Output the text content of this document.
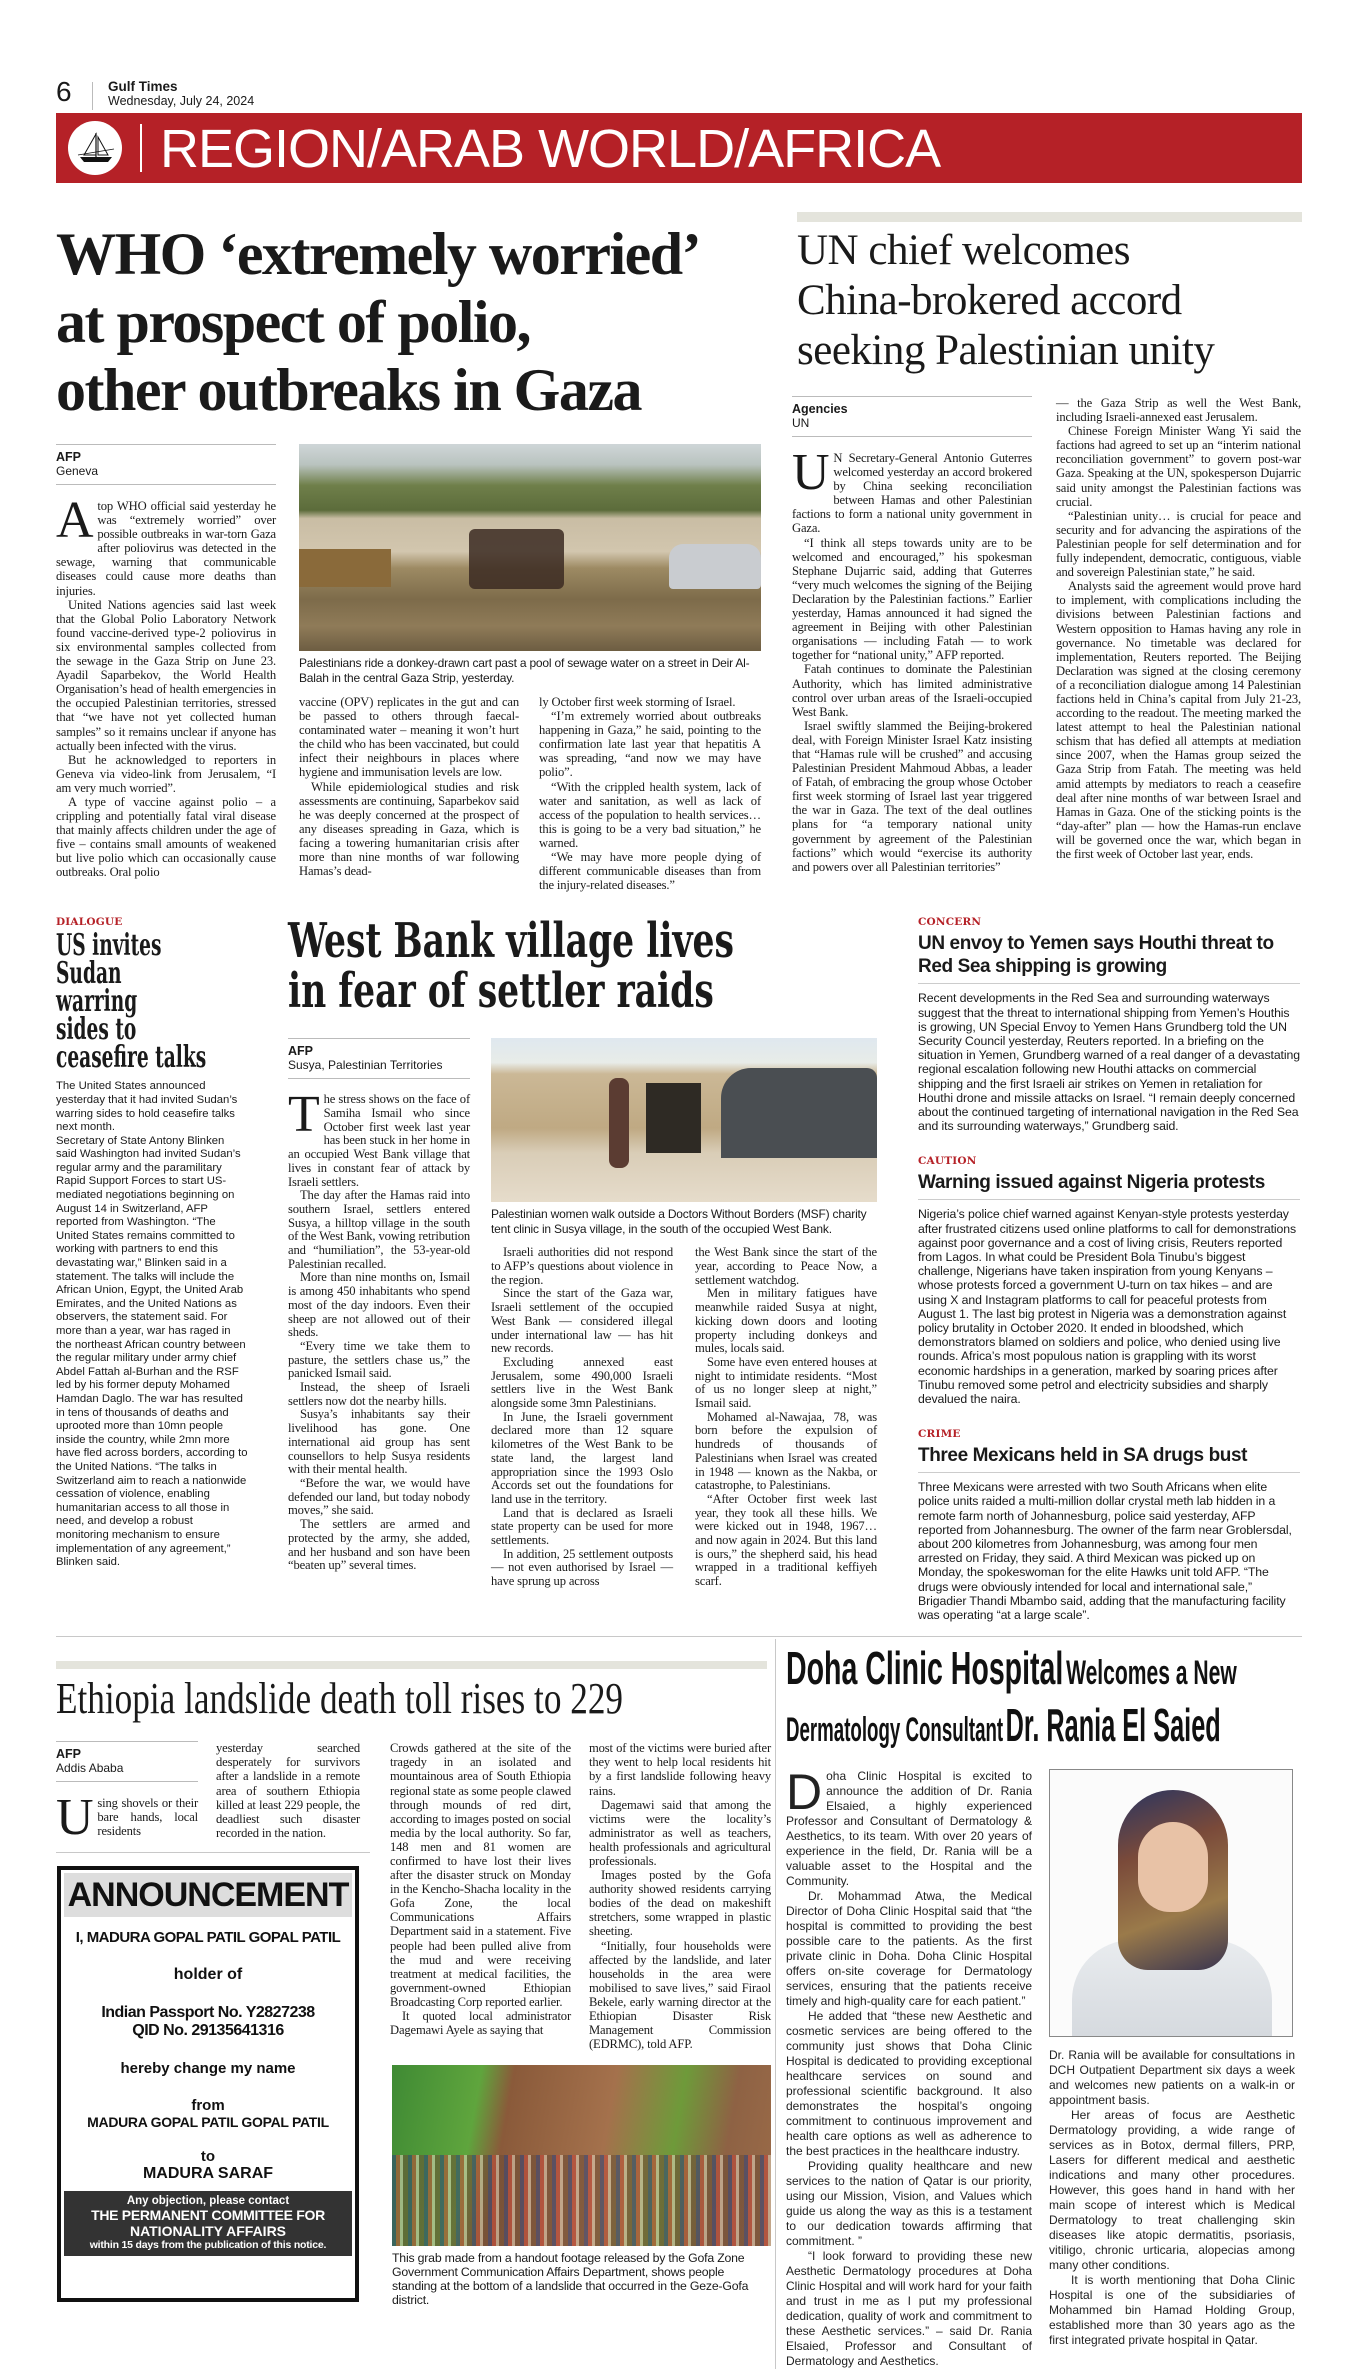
6	Gulf Times
Wednesday, July 24, 2024
REGION/ARAB WORLD/AFRICA
WHO ‘extremely worried’
at prospect of polio,
other outbreaks in Gaza
AFP
Geneva
A top WHO official said yesterday he was “extremely worried” over possible outbreaks in war-torn Gaza after poliovirus was detected in the sewage, warning that communicable diseases could cause more deaths than injuries.

United Nations agencies said last week that the Global Polio Laboratory Network found vaccine-derived type-2 poliovirus in six environmental samples collected from the sewage in the Gaza Strip on June 23. Ayadil Saparbekov, the World Health Organisation’s head of health emergencies in the occupied Palestinian territories, stressed that “we have not yet collected human samples” so it remains unclear if anyone has actually been infected with the virus.

But he acknowledged to reporters in Geneva via video-link from Jerusalem, “I am very much worried”.

A type of vaccine against polio – a crippling and potentially fatal viral disease that mainly affects children under the age of five – contains small amounts of weakened but live polio which can occasionally cause outbreaks. Oral polio

Palestinians ride a donkey-drawn cart past a pool of sewage water on a street in Deir Al-Balah in the central Gaza Strip, yesterday.

vaccine (OPV) replicates in the gut and can be passed to others through faecal-contaminated water – meaning it won’t hurt the child who has been vaccinated, but could infect their neighbours in places where hygiene and immunisation levels are low.

While epidemiological studies and risk assessments are continuing, Saparbekov said he was deeply concerned at the prospect of any diseases spreading in Gaza, which is facing a towering humanitarian crisis after more than nine months of war following Hamas’s dead-

ly October first week storming of Israel.

“I’m extremely worried about outbreaks happening in Gaza,” he said, pointing to the confirmation late last year that hepatitis A was spreading, “and now we may have polio”.

“With the crippled health system, lack of water and sanitation, as well as lack of access of the population to health services… this is going to be a very bad situation,” he warned.

“We may have more people dying of different communicable diseases than from the injury-related diseases.”

UN chief welcomes
China-brokered accord
seeking Palestinian unity
Agencies
UN
U N Secretary-General Antonio Guterres welcomed yesterday an accord brokered by China seeking reconciliation between Hamas and other Palestinian factions to form a national unity government in Gaza.

“I think all steps towards unity are to be welcomed and encouraged,” his spokesman Stephane Dujarric said, adding that Guterres “very much welcomes the signing of the Beijing Declaration by the Palestinian factions.” Earlier yesterday, Hamas announced it had signed the agreement in Beijing with other Palestinian organisations — including Fatah — to work together for “national unity,” AFP reported.

Fatah continues to dominate the Palestinian Authority, which has limited administrative control over urban areas of the Israeli-occupied West Bank.

Israel swiftly slammed the Beijing-brokered deal, with Foreign Minister Israel Katz insisting that “Hamas rule will be crushed” and accusing Palestinian President Mahmoud Abbas, a leader of Fatah, of embracing the group whose October first week storming of Israel last year triggered the war in Gaza. The text of the deal outlines plans for “a temporary national unity government by agreement of the Palestinian factions” which would “exercise its authority and powers over all Palestinian territories”

— the Gaza Strip as well the West Bank, including Israeli-annexed east Jerusalem.

Chinese Foreign Minister Wang Yi said the factions had agreed to set up an “interim national reconciliation government” to govern post-war Gaza. Speaking at the UN, spokesperson Dujarric said unity amongst the Palestinian factions was crucial.

“Palestinian unity… is crucial for peace and security and for advancing the aspirations of the Palestinian people for self determination and for fully independent, democratic, contiguous, viable and sovereign Palestinian state,” he said.

Analysts said the agreement would prove hard to implement, with complications including the divisions between Palestinian factions and Western opposition to Hamas having any role in governance. No timetable was declared for implementation, Reuters reported. The Beijing Declaration was signed at the closing ceremony of a reconciliation dialogue among 14 Palestinian factions held in China’s capital from July 21-23, according to the readout. The meeting marked the latest attempt to heal the Palestinian national schism that has defied all attempts at mediation since 2007, when the Hamas group seized the Gaza Strip from Fatah. The meeting was held amid attempts by mediators to reach a ceasefire deal after nine months of war between Israel and Hamas in Gaza. One of the sticking points is the “day-after” plan — how the Hamas-run enclave will be governed once the war, which began in the first week of October last year, ends.

DIALOGUE
US invites
Sudan
warring
sides to
ceasefire talks

The United States announced yesterday that it had invited Sudan’s warring sides to hold ceasefire talks next month.

Secretary of State Antony Blinken said Washington had invited Sudan’s regular army and the paramilitary Rapid Support Forces to start US-mediated negotiations beginning on August 14 in Switzerland, AFP reported from Washington. “The United States remains committed to working with partners to end this devastating war,” Blinken said in a statement. The talks will include the African Union, Egypt, the United Arab Emirates, and the United Nations as observers, the statement said. For more than a year, war has raged in the northeast African country between the regular military under army chief Abdel Fattah al-Burhan and the RSF led by his former deputy Mohamed Hamdan Daglo. The war has resulted in tens of thousands of deaths and uprooted more than 10mn people inside the country, while 2mn more have fled across borders, according to the United Nations. “The talks in Switzerland aim to reach a nationwide cessation of violence, enabling humanitarian access to all those in need, and develop a robust monitoring mechanism to ensure implementation of any agreement,” Blinken said.

West Bank village lives
in fear of settler raids
AFP
Susya, Palestinian Territories
T he stress shows on the face of Samiha Ismail who since October first week last year has been stuck in her home in an occupied West Bank village that lives in constant fear of attack by Israeli settlers.

The day after the Hamas raid into southern Israel, settlers entered Susya, a hilltop village in the south of the West Bank, vowing retribution and “humiliation”, the 53-year-old Palestinian recalled.

More than nine months on, Ismail is among 450 inhabitants who spend most of the day indoors. Even their sheep are not allowed out of their sheds.

“Every time we take them to pasture, the settlers chase us,” the panicked Ismail said.

Instead, the sheep of Israeli settlers now dot the nearby hills.

Susya’s inhabitants say their livelihood has gone. One international aid group has sent counsellors to help Susya residents with their mental health.

“Before the war, we would have defended our land, but today nobody moves,” she said.

The settlers are armed and protected by the army, she added, and her husband and son have been “beaten up” several times.

Palestinian women walk outside a Doctors Without Borders (MSF) charity tent clinic in Susya village, in the south of the occupied West Bank.

Israeli authorities did not respond to AFP’s questions about violence in the region.

Since the start of the Gaza war, Israeli settlement of the occupied West Bank — considered illegal under international law — has hit new records.

Excluding annexed east Jerusalem, some 490,000 Israeli settlers live in the West Bank alongside some 3mn Palestinians.

In June, the Israeli government declared more than 12 square kilometres of the West Bank to be state land, the largest land appropriation since the 1993 Oslo Accords set out the foundations for land use in the territory.

Land that is declared as Israeli state property can be used for more settlements.

In addition, 25 settlement outposts — not even authorised by Israel — have sprung up across

the West Bank since the start of the year, according to Peace Now, a settlement watchdog.

Men in military fatigues have meanwhile raided Susya at night, kicking down doors and looting property including donkeys and mules, locals said.

Some have even entered houses at night to intimidate residents. “Most of us no longer sleep at night,” Ismail said.

Mohamed al-Nawajaa, 78, was born before the expulsion of hundreds of thousands of Palestinians when Israel was created in 1948 — known as the Nakba, or catastrophe, to Palestinians.

“After October first week last year, they took all these hills. We were kicked out in 1948, 1967… and now again in 2024. But this land is ours,” the shepherd said, his head wrapped in a traditional keffiyeh scarf.

CONCERN
UN envoy to Yemen says Houthi threat to Red Sea shipping is growing
Recent developments in the Red Sea and surrounding waterways suggest that the threat to international shipping from Yemen’s Houthis is growing, UN Special Envoy to Yemen Hans Grundberg told the UN Security Council yesterday, Reuters reported. In a briefing on the situation in Yemen, Grundberg warned of a real danger of a devastating regional escalation following new Houthi attacks on commercial shipping and the first Israeli air strikes on Yemen in retaliation for Houthi drone and missile attacks on Israel. “I remain deeply concerned about the continued targeting of international navigation in the Red Sea and its surrounding waterways,” Grundberg said.
CAUTION
Warning issued against Nigeria protests
Nigeria’s police chief warned against Kenyan-style protests yesterday after frustrated citizens used online platforms to call for demonstrations against poor governance and a cost of living crisis, Reuters reported from Lagos. In what could be President Bola Tinubu’s biggest challenge, Nigerians have taken inspiration from young Kenyans – whose protests forced a government U-turn on tax hikes – and are using X and Instagram platforms to call for peaceful protests from August 1. The last big protest in Nigeria was a demonstration against policy brutality in October 2020. It ended in bloodshed, which demonstrators blamed on soldiers and police, who denied using live rounds. Africa’s most populous nation is grappling with its worst economic hardships in a generation, marked by soaring prices after Tinubu removed some petrol and electricity subsidies and sharply devalued the naira.
CRIME
Three Mexicans held in SA drugs bust
Three Mexicans were arrested with two South Africans when elite police units raided a multi-million dollar crystal meth lab hidden in a remote farm north of Johannesburg, police said yesterday, AFP reported from Johannesburg. The owner of the farm near Groblersdal, about 200 kilometres from Johannesburg, was among four men arrested on Friday, they said. A third Mexican was picked up on Monday, the spokeswoman for the elite Hawks unit told AFP. “The drugs were obviously intended for local and international sale,” Brigadier Thandi Mbambo said, adding that the manufacturing facility was operating “at a large scale”.
Ethiopia landslide death toll rises to 229
AFP
Addis Ababa
U sing shovels or their bare hands, local residents

yesterday searched desperately for survivors after a landslide in a remote area of southern Ethiopia killed at least 229 people, the deadliest such disaster recorded in the nation.

ANNOUNCEMENT
I, MADURA GOPAL PATIL GOPAL PATIL
holder of
Indian Passport No. Y2827238
QID No. 29135641316
hereby change my name
from
MADURA GOPAL PATIL GOPAL PATIL
to
MADURA SARAF
Any objection, please contact
THE PERMANENT COMMITTEE FOR
NATIONALITY AFFAIRS
within 15 days from the publication of this notice.

Crowds gathered at the site of the tragedy in an isolated and mountainous area of South Ethiopia regional state as some people clawed through mounds of red dirt, according to images posted on social media by the local authority. So far, 148 men and 81 women are confirmed to have lost their lives after the disaster struck on Monday in the Kencho-Shacha locality in the Gofa Zone, the local Communications Affairs Department said in a statement. Five people had been pulled alive from the mud and were receiving treatment at medical facilities, the government-owned Ethiopian Broadcasting Corp reported earlier.

It quoted local administrator Dagemawi Ayele as saying that

most of the victims were buried after they went to help local residents hit by a first landslide following heavy rains.

Dagemawi said that among the victims were the locality’s administrator as well as teachers, health professionals and agricultural professionals.

Images posted by the Gofa authority showed residents carrying bodies of the dead on makeshift stretchers, some wrapped in plastic sheeting.

“Initially, four households were affected by the landslide, and later households in the area were mobilised to save lives,” said Firaol Bekele, early warning director at the Ethiopian Disaster Risk Management Commission (EDRMC), told AFP.

This grab made from a handout footage released by the Gofa Zone Government Communication Affairs Department, shows people standing at the bottom of a landslide that occurred in the Geze-Gofa district.
Doha Clinic Hospital Welcomes a New
Dermatology Consultant Dr. Rania El Saied
D oha Clinic Hospital is excited to announce the addition of Dr. Rania Elsaied, a highly experienced Professor and Consultant of Dermatology & Aesthetics, to its team. With over 20 years of experience in the field, Dr. Rania will be a valuable asset to the Hospital and the Community.

Dr. Mohammad Atwa, the Medical Director of Doha Clinic Hospital said that “the hospital is committed to providing the best possible care to the patients. As the first private clinic in Doha. Doha Clinic Hospital offers on-site coverage for Dermatology services, ensuring that the patients receive timely and high-quality care for each patient.”

He added that “these new Aesthetic and cosmetic services are being offered to the community just shows that Doha Clinic Hospital is dedicated to providing exceptional healthcare services on sound and professional scientific background. It also demonstrates the hospital’s ongoing commitment to continuous improvement and health care options as well as adherence to the best practices in the healthcare industry.

Providing quality healthcare and new services to the nation of Qatar is our priority, using our Mission, Vision, and Values which guide us along the way as this is a testament to our dedication towards affirming that commitment. ”

“I look forward to providing these new Aesthetic Dermatology procedures at Doha Clinic Hospital and will work hard for your faith and trust in me as I put my professional dedication, quality of work and commitment to these Aesthetic services.” – said Dr. Rania Elsaied, Professor and Consultant of Dermatology and Aesthetics.

Dr. Rania will be available for consultations in DCH Outpatient Department six days a week and welcomes new patients on a walk-in or appointment basis.

Her areas of focus are Aesthetic Dermatology providing, a wide range of services as in Botox, dermal fillers, PRP, Lasers for different medical and aesthetic indications and many other procedures. However, this goes hand in hand with her main scope of interest which is Medical Dermatology to treat challenging skin diseases like atopic dermatitis, psoriasis, vitiligo, chronic urticaria, alopecias among many other conditions.

It is worth mentioning that Doha Clinic Hospital is one of the subsidiaries of Mohammed bin Hamad Holding Group, established more than 30 years ago as the first integrated private hospital in Qatar.
